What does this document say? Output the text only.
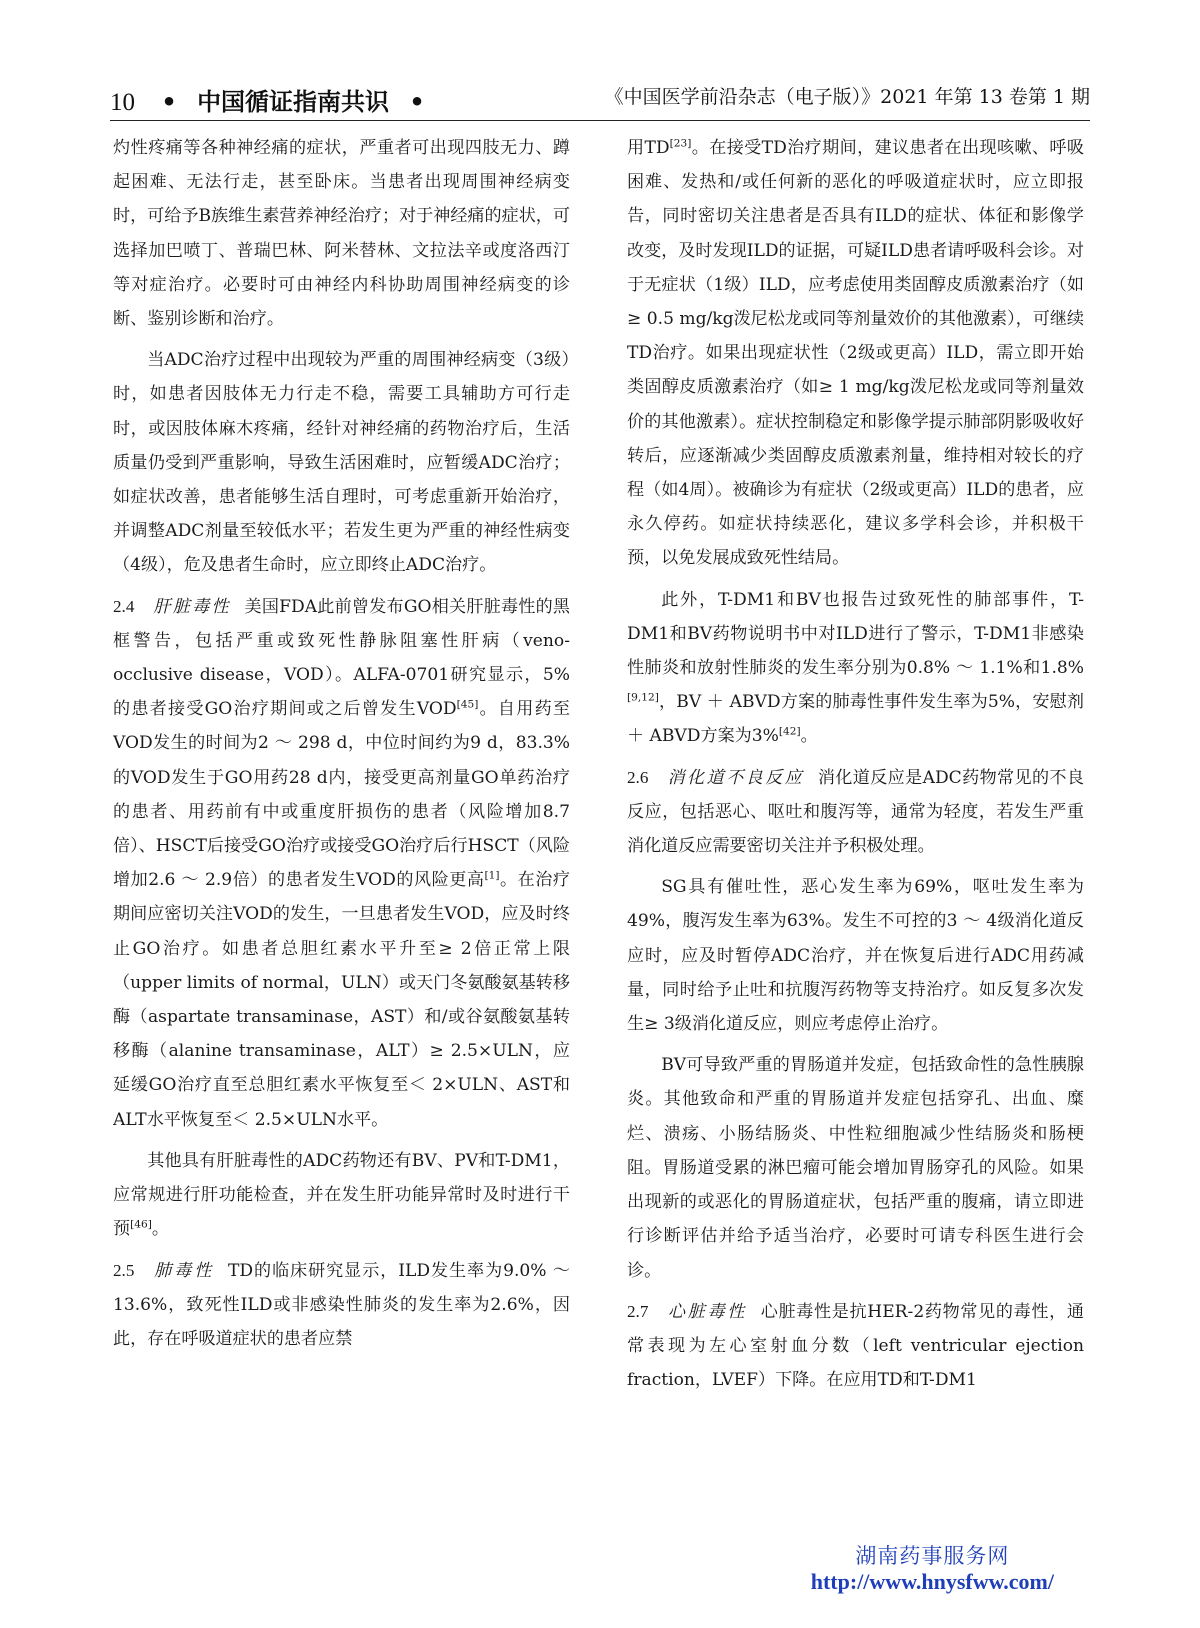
10 • 中国循证指南共识 •	《中国医学前沿杂志（电子版）》2021 年第 13 卷第 1 期

灼性疼痛等各种神经痛的症状，严重者可出现四肢无力、蹲起困难、无法行走，甚至卧床。当患者出现周围神经病变时，可给予B族维生素营养神经治疗；对于神经痛的症状，可选择加巴喷丁、普瑞巴林、阿米替林、文拉法辛或度洛西汀等对症治疗。必要时可由神经内科协助周围神经病变的诊断、鉴别诊断和治疗。

当ADC治疗过程中出现较为严重的周围神经病变（3级）时，如患者因肢体无力行走不稳，需要工具辅助方可行走时，或因肢体麻木疼痛，经针对神经痛的药物治疗后，生活质量仍受到严重影响，导致生活困难时，应暂缓ADC治疗；如症状改善，患者能够生活自理时，可考虑重新开始治疗，并调整ADC剂量至较低水平；若发生更为严重的神经性病变（4级），危及患者生命时，应立即终止ADC治疗。

2.4 肝脏毒性 美国FDA此前曾发布GO相关肝脏毒性的黑框警告，包括严重或致死性静脉阻塞性肝病（veno-occlusive disease，VOD）。ALFA-0701研究显示，5%的患者接受GO治疗期间或之后曾发生VOD[45]。自用药至VOD发生的时间为2 ～ 298 d，中位时间约为9 d，83.3%的VOD发生于GO用药28 d内，接受更高剂量GO单药治疗的患者、用药前有中或重度肝损伤的患者（风险增加8.7倍）、HSCT后接受GO治疗或接受GO治疗后行HSCT（风险增加2.6 ～ 2.9倍）的患者发生VOD的风险更高[1]。在治疗期间应密切关注VOD的发生，一旦患者发生VOD，应及时终止GO治疗。如患者总胆红素水平升至≥ 2倍正常上限（upper limits of normal，ULN）或天门冬氨酸氨基转移酶（aspartate transaminase，AST）和/或谷氨酸氨基转移酶（alanine transaminase，ALT）≥ 2.5×ULN，应延缓GO治疗直至总胆红素水平恢复至＜ 2×ULN、AST和ALT水平恢复至＜ 2.5×ULN水平。

其他具有肝脏毒性的ADC药物还有BV、PV和T-DM1，应常规进行肝功能检查，并在发生肝功能异常时及时进行干预[46]。

2.5 肺毒性 TD的临床研究显示，ILD发生率为9.0% ～ 13.6%，致死性ILD或非感染性肺炎的发生率为2.6%，因此，存在呼吸道症状的患者应禁

用TD[23]。在接受TD治疗期间，建议患者在出现咳嗽、呼吸困难、发热和/或任何新的恶化的呼吸道症状时，应立即报告，同时密切关注患者是否具有ILD的症状、体征和影像学改变，及时发现ILD的证据，可疑ILD患者请呼吸科会诊。对于无症状（1级）ILD，应考虑使用类固醇皮质激素治疗（如≥ 0.5 mg/kg泼尼松龙或同等剂量效价的其他激素），可继续TD治疗。如果出现症状性（2级或更高）ILD，需立即开始类固醇皮质激素治疗（如≥ 1 mg/kg泼尼松龙或同等剂量效价的其他激素）。症状控制稳定和影像学提示肺部阴影吸收好转后，应逐渐减少类固醇皮质激素剂量，维持相对较长的疗程（如4周）。被确诊为有症状（2级或更高）ILD的患者，应永久停药。如症状持续恶化，建议多学科会诊，并积极干预，以免发展成致死性结局。

此外，T-DM1和BV也报告过致死性的肺部事件，T-DM1和BV药物说明书中对ILD进行了警示，T-DM1非感染性肺炎和放射性肺炎的发生率分别为0.8% ～ 1.1%和1.8%[9,12]，BV ＋ ABVD方案的肺毒性事件发生率为5%，安慰剂＋ ABVD方案为3%[42]。

2.6 消化道不良反应 消化道反应是ADC药物常见的不良反应，包括恶心、呕吐和腹泻等，通常为轻度，若发生严重消化道反应需要密切关注并予积极处理。

SG具有催吐性，恶心发生率为69%，呕吐发生率为49%，腹泻发生率为63%。发生不可控的3 ～ 4级消化道反应时，应及时暂停ADC治疗，并在恢复后进行ADC用药减量，同时给予止吐和抗腹泻药物等支持治疗。如反复多次发生≥ 3级消化道反应，则应考虑停止治疗。

BV可导致严重的胃肠道并发症，包括致命性的急性胰腺炎。其他致命和严重的胃肠道并发症包括穿孔、出血、糜烂、溃疡、小肠结肠炎、中性粒细胞减少性结肠炎和肠梗阻。胃肠道受累的淋巴瘤可能会增加胃肠穿孔的风险。如果出现新的或恶化的胃肠道症状，包括严重的腹痛，请立即进行诊断评估并给予适当治疗，必要时可请专科医生进行会诊。

2.7 心脏毒性 心脏毒性是抗HER-2药物常见的毒性，通常表现为左心室射血分数（left ventricular ejection fraction，LVEF）下降。在应用TD和T-DM1

湖南药事服务网
http://www.hnysfww.com/
